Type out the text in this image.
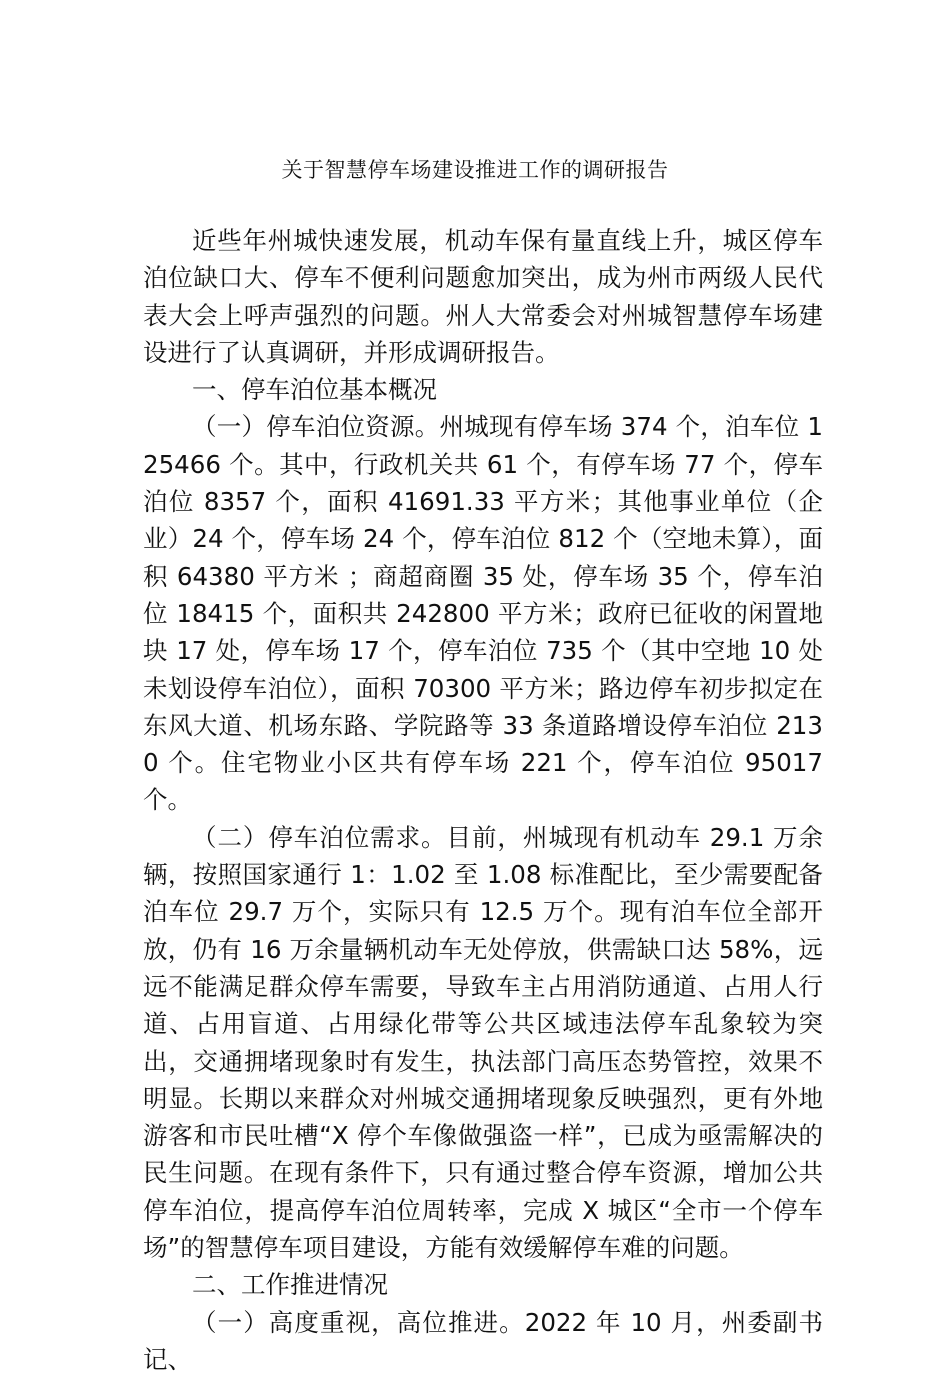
关于智慧停车场建设推进工作的调研报告

近些年州城快速发展，机动车保有量直线上升，城区停车泊位缺口大、停车不便利问题愈加突出，成为州市两级人民代表大会上呼声强烈的问题。州人大常委会对州城智慧停车场建设进行了认真调研，并形成调研报告。

一、停车泊位基本概况

（一）停车泊位资源。州城现有停车场 374 个，泊车位 125466 个。其中，行政机关共 61 个，有停车场 77 个，停车泊位 8357 个，面积 41691.33 平方米；其他事业单位（企业）24 个，停车场 24 个，停车泊位 812 个（空地未算），面积 64380 平方米 ；商超商圈 35 处，停车场 35 个，停车泊位 18415 个，面积共 242800 平方米；政府已征收的闲置地块 17 处，停车场 17 个，停车泊位 735 个（其中空地 10 处未划设停车泊位），面积 70300 平方米；路边停车初步拟定在东风大道、机场东路、学院路等 33 条道路增设停车泊位 2130 个。住宅物业小区共有停车场 221 个，停车泊位 95017 个。

（二）停车泊位需求。目前，州城现有机动车 29.1 万余辆，按照国家通行 1：1.02 至 1.08 标准配比，至少需要配备泊车位 29.7 万个，实际只有 12.5 万个。现有泊车位全部开放，仍有 16 万余量辆机动车无处停放，供需缺口达 58%，远远不能满足群众停车需要，导致车主占用消防通道、占用人行道、占用盲道、占用绿化带等公共区域违法停车乱象较为突出，交通拥堵现象时有发生，执法部门高压态势管控，效果不明显。长期以来群众对州城交通拥堵现象反映强烈，更有外地游客和市民吐槽“X 停个车像做强盗一样”，已成为亟需解决的民生问题。在现有条件下，只有通过整合停车资源，增加公共停车泊位，提高停车泊位周转率，完成 X 城区“全市一个停车场”的智慧停车项目建设，方能有效缓解停车难的问题。

二、工作推进情况

（一）高度重视，高位推进。2022 年 10 月，州委副书记、
